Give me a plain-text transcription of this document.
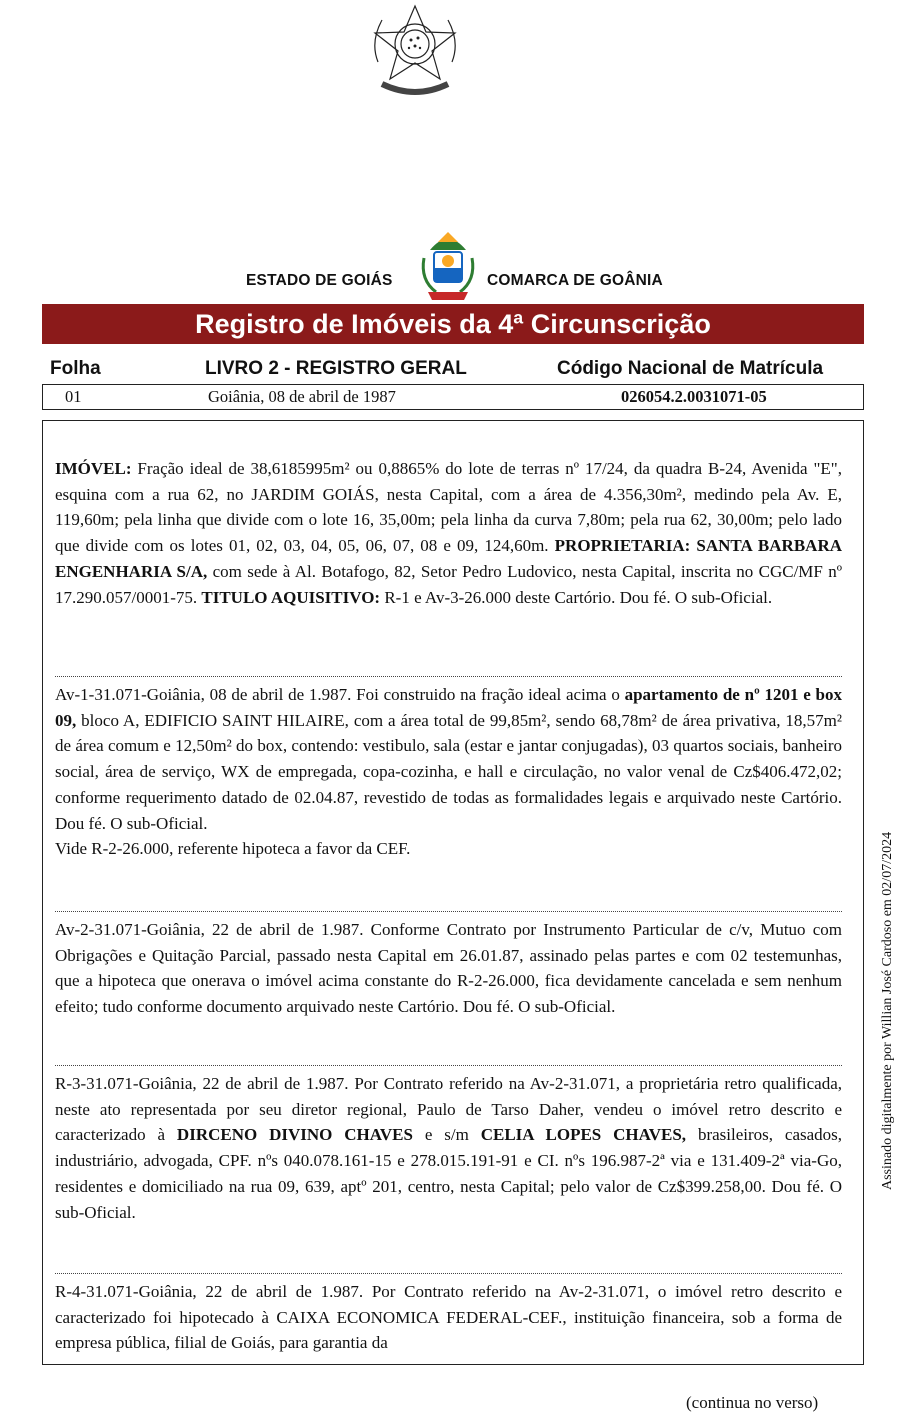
ESTADO DE GOIÁS	COMARCA DE GOÂNIA
Registro de Imóveis da 4ª Circunscrição
Folha	LIVRO 2 - REGISTRO GERAL	Código Nacional de Matrícula
01	Goiânia, 08 de abril de 1987	026054.2.0031071-05

IMÓVEL: Fração ideal de 38,6185995m² ou 0,8865% do lote de terras nº 17/24, da quadra B-24, Avenida "E", esquina com a rua 62, no JARDIM GOIÁS, nesta Capital, com a área de 4.356,30m², medindo pela Av. E, 119,60m; pela linha que divide com o lote 16, 35,00m; pela linha da curva 7,80m; pela rua 62, 30,00m; pelo lado que divide com os lotes 01, 02, 03, 04, 05, 06, 07, 08 e 09, 124,60m. PROPRIETARIA: SANTA BARBARA ENGENHARIA S/A, com sede à Al. Botafogo, 82, Setor Pedro Ludovico, nesta Capital, inscrita no CGC/MF nº 17.290.057/0001-75. TITULO AQUISITIVO: R-1 e Av-3-26.000 deste Cartório. Dou fé. O sub-Oficial.

Av-1-31.071-Goiânia, 08 de abril de 1.987. Foi construido na fração ideal acima o apartamento de nº 1201 e box 09, bloco A, EDIFICIO SAINT HILAIRE, com a área total de 99,85m², sendo 68,78m² de área privativa, 18,57m² de área comum e 12,50m² do box, contendo: vestibulo, sala (estar e jantar conjugadas), 03 quartos sociais, banheiro social, área de serviço, WX de empregada, copa-cozinha, e hall e circulação, no valor venal de Cz$406.472,02; conforme requerimento datado de 02.04.87, revestido de todas as formalidades legais e arquivado neste Cartório. Dou fé. O sub-Oficial.
Vide R-2-26.000, referente hipoteca a favor da CEF.

Av-2-31.071-Goiânia, 22 de abril de 1.987. Conforme Contrato por Instrumento Particular de c/v, Mutuo com Obrigações e Quitação Parcial, passado nesta Capital em 26.01.87, assinado pelas partes e com 02 testemunhas, que a hipoteca que onerava o imóvel acima constante do R-2-26.000, fica devidamente cancelada e sem nenhum efeito; tudo conforme documento arquivado neste Cartório. Dou fé. O sub-Oficial.

R-3-31.071-Goiânia, 22 de abril de 1.987. Por Contrato referido na Av-2-31.071, a proprietária retro qualificada, neste ato representada por seu diretor regional, Paulo de Tarso Daher, vendeu o imóvel retro descrito e caracterizado à DIRCENO DIVINO CHAVES e s/m CELIA LOPES CHAVES, brasileiros, casados, industriário, advogada, CPF. nºs 040.078.161-15 e 278.015.191-91 e CI. nºs 196.987-2ª via e 131.409-2ª via-Go, residentes e domiciliado na rua 09, 639, aptº 201, centro, nesta Capital; pelo valor de Cz$399.258,00. Dou fé. O sub-Oficial.

R-4-31.071-Goiânia, 22 de abril de 1.987. Por Contrato referido na Av-2-31.071, o imóvel retro descrito e caracterizado foi hipotecado à CAIXA ECONOMICA FEDERAL-CEF., instituição financeira, sob a forma de empresa pública, filial de Goiás, para garantia da

Assinado digitalmente por Willian José Cardoso em 02/07/2024
(continua no verso)
